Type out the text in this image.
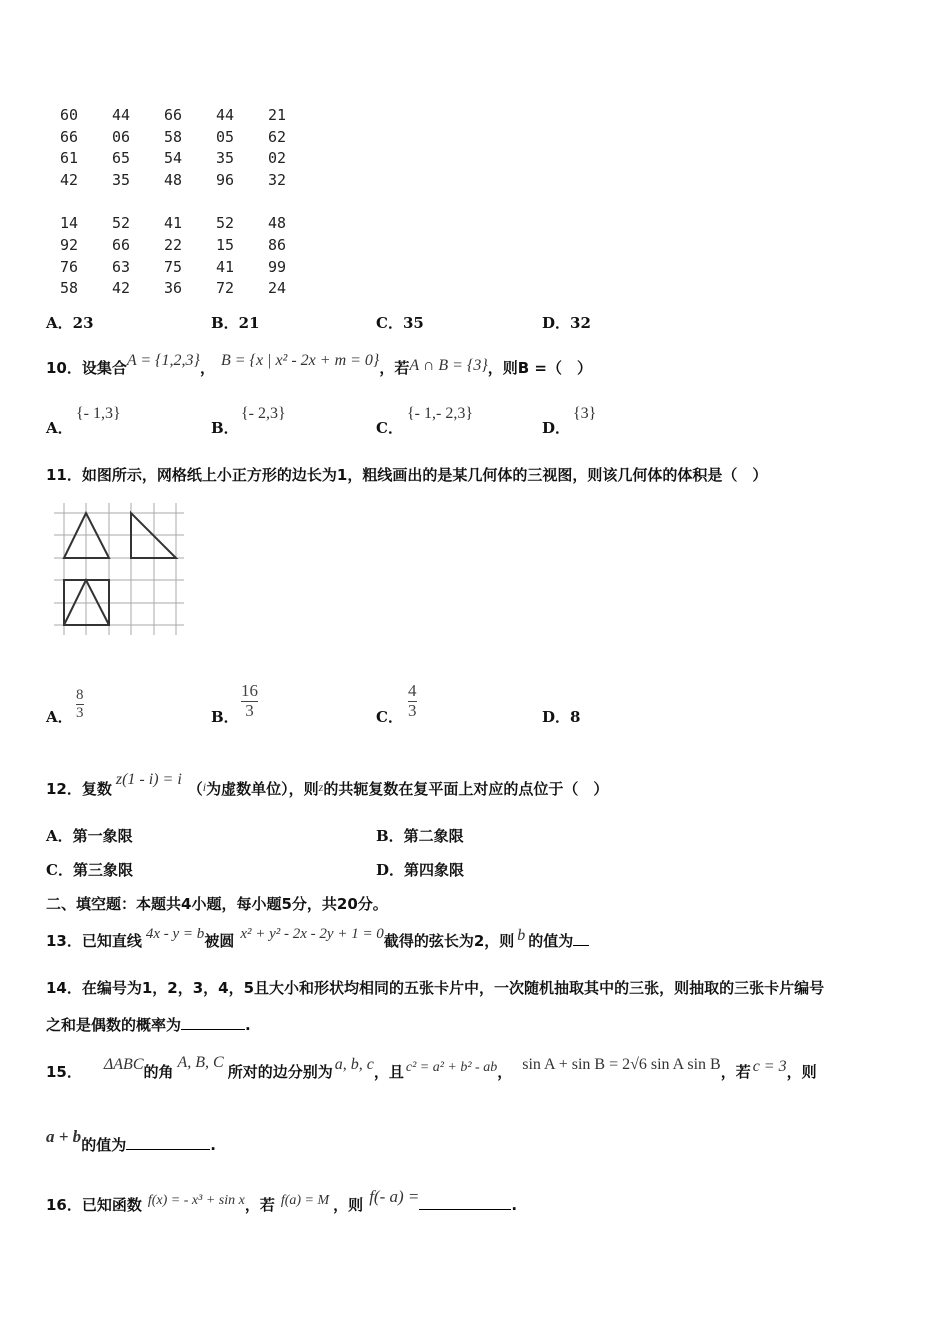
60 44 66 44 21
66 06 58 05 62
61 65 54 35 02
42 35 48 96 32
14 52 41 52 48
92 66 22 15 86
76 63 75 41 99
58 42 36 72 24
A．23	B．21	C．35	D．32
10．设集合A = {1,2,3}， B = {x | x² - 2x + m = 0}，若A ∩ B = {3}，则B =（　）
A．
{- 1,3}
B．
{- 2,3}
C．
{- 1,- 2,3}
D．
{3}
11．如图所示，网格纸上小正方形的边长为1，粗线画出的是某几何体的三视图，则该几何体的体积是（　）
A．
8
3	B．
16
3	C．
4
3	D．8
12．复数z(1 - i) = i（$^i$为虚数单位），则$^z$的共轭复数在复平面上对应的点位于（　）
A．第一象限	B．第二象限
C．第三象限	D．第四象限
二、填空题：本题共4小题，每小题5分，共20分。
13．已知直线 4x - y = b被圆 x² + y² - 2x - 2y + 1 = 0截得的弦长为2，则 b 的值为
14．在编号为1，2，3，4，5且大小和形状均相同的五张卡片中，一次随机抽取其中的三张，则抽取的三张卡片编号
之和是偶数的概率为	.
15． ΔABC的角A, B, C所对的边分别为 a, b, c，且 c² = a² + b² - ab， sin A + sin B = 2√6 sin A sin B，若 c = 3，则
a + b的值为	.
16．已知函数 f(x) = - x³ + sin x，若 f(a) = M ，则 f(- a) =	.
